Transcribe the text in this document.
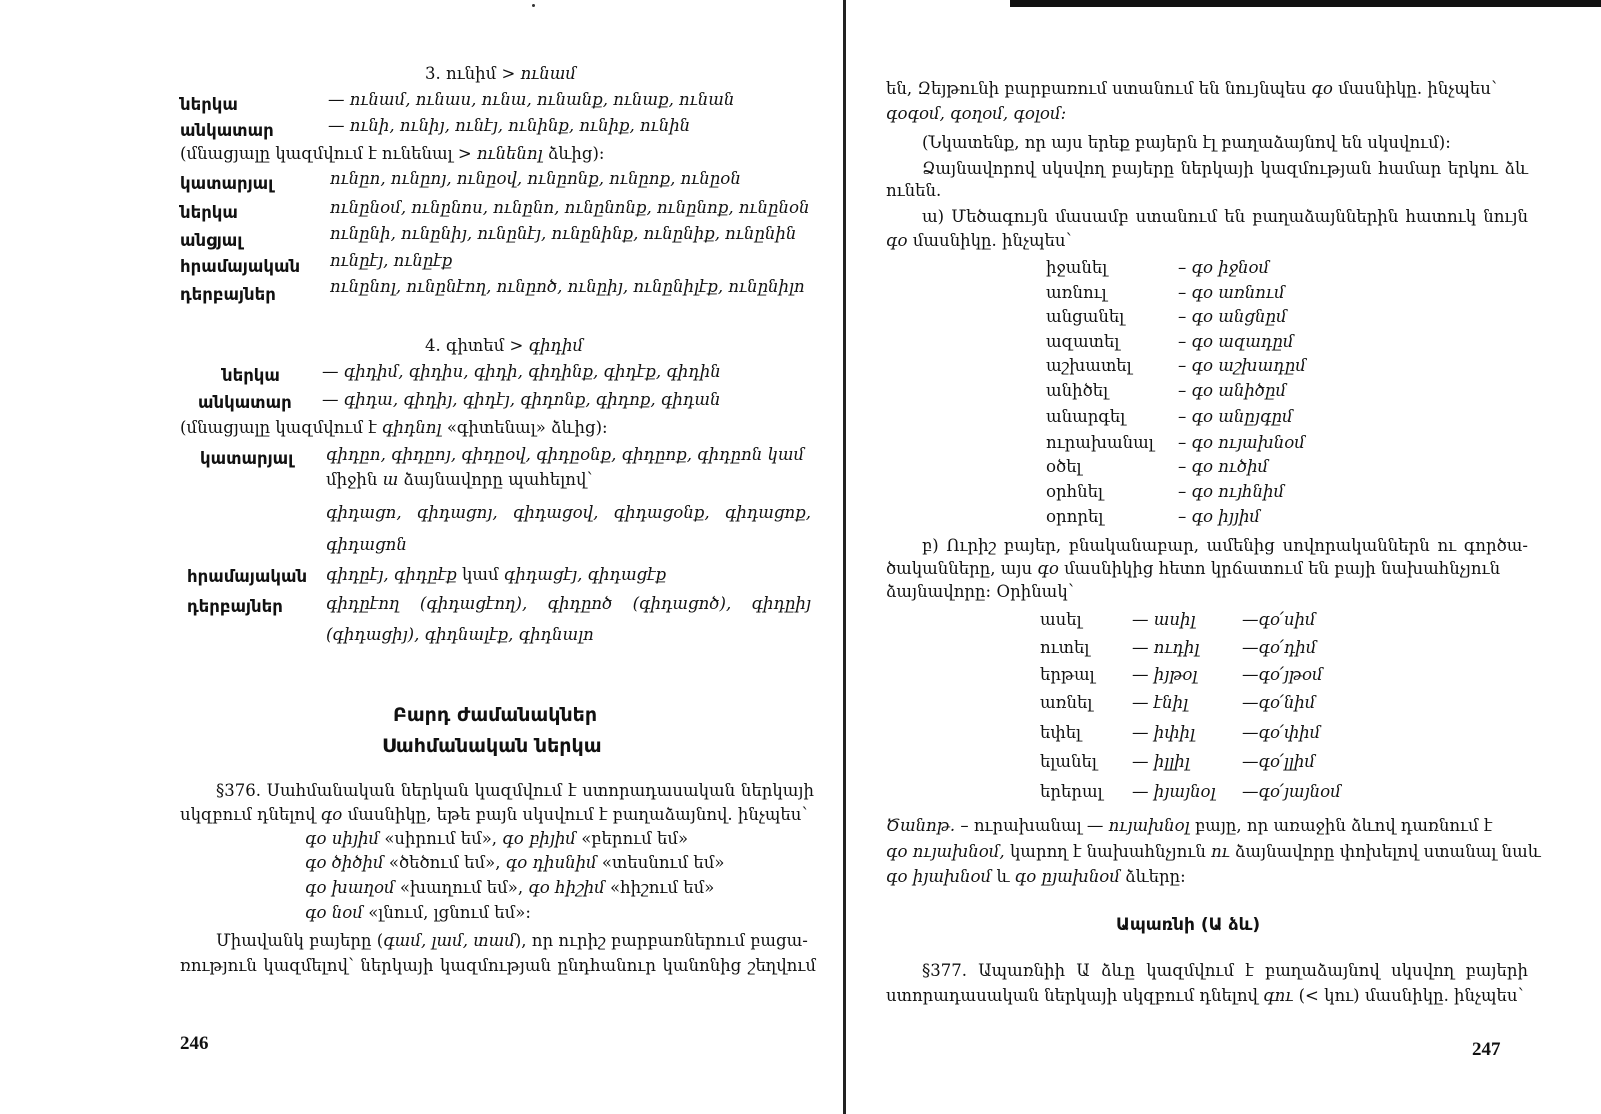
3. ունիմ > ունամ
ներկա	— ունամ, ունաս, ունա, ունանք, ունաք, ունան
անկատար	— ունի, ունիյ, ունէյ, ունինք, ունիք, ունին
(մնացյալը կազմվում է ունենալ > ունենոլ ձևից):
կատարյալ	ունըո, ունըոյ, ունըօվ, ունըոնք, ունըոք, ունըօն
ներկա	ունընօմ, ունընոս, ունընո, ունընոնք, ունընոք, ունընօն
անցյալ	ունընի, ունընիյ, ունընէյ, ունընինք, ունընիք, ունընին
հրամայական ունըէյ, ունըէք
դերբայներ	ունընոլ, ունընէող, ունըոծ, ունըիյ, ունընիլէք, ունընիլո
4. գիտեմ > գիդիմ
ներկա	— գիդիմ, գիդիս, գիդի, գիդինք, գիդէք, գիդին
անկատար — գիդա, գիդիյ, գիդէյ, գիդոնք, գիդոք, գիդան
(մնացյալը կազմվում է գիդնոլ «գիտենալ» ձևից):
կատարյալ գիդըո, գիդըոյ, գիդըօվ, գիդըօնք, գիդըոք, գիդըոն կամ
միջին ա ձայնավորը պահելով՝
գիդացո, գիդացոյ, գիդացօվ, գիդացօնք, գիդացոք,
գիդացոն
հրամայական գիդըէյ, գիդըէք կամ գիդացէյ, գիդացէք
դերբայներ	գիդըէող (գիդացէող), գիդըոծ (գիդացոծ), գիդըիյ
(գիդացիյ), գիդնալէք, գիդնալո
Բարդ ժամանակներ
Սահմանական ներկա
§376. Սահմանական ներկան կազմվում է ստորադասական ներկայի
սկզբում դնելով գօ մասնիկը, եթե բայն սկսվում է բաղաձայնով. ինչպես՝
գօ սիյիմ «սիրում եմ», գօ բիյիմ «բերում եմ»
գօ ծիծիմ «ծեծում եմ», գօ դիսնիմ «տեսնում եմ»
գօ խաղօմ «խաղում եմ», գօ հիշիմ «հիշում եմ»
գօ նօմ «լնում, լցնում եմ»:
Միավանկ բայերը (գամ, լամ, տամ), որ ուրիշ բարբառներում բացա-
ռություն կազմելով՝ ներկայի կազմության ընդհանուր կանոնից շեղվում
246
են, Զեյթունի բարբառում ստանում են նույնպես գօ մասնիկը. ինչպես՝
գօգօմ, գօղօմ, գօլօմ:
(Նկատենք, որ այս երեք բայերն էլ բաղաձայնով են սկսվում):
Ձայնավորով սկսվող բայերը ներկայի կազմության համար երկու ձև
ունեն.
ա) Մեծագույն մասամբ ստանում են բաղաձայններին հատուկ նույն
գօ մասնիկը. ինչպես՝
իջանել	– գօ իջնօմ
առնուլ	– գօ առնում
անցանել	– գօ անցնըմ
ազատել	– գօ ազադըմ
աշխատել	– գօ աշխադըմ
անիծել	– գօ անիծըմ
անարգել	– գօ անըյգըմ
ուրախանալ – գօ ույախնօմ
օծել	– գօ ուծիմ
օրհնել	– գօ ույհնիմ
օրորել	– գօ իյյիմ
բ) Ուրիշ բայեր, բնականաբար, ամենից սովորականներն ու գործա-
ծականները, այս գօ մասնիկից հետո կրճատում են բայի նախահնչյուն
ձայնավորը: Օրինակ՝
ասել	— ասիլ	—գօ՛սիմ
ուտել	— ուդիլ	—գօ՛դիմ
երթալ — իյթօլ	—գօ՛յթօմ
առնել — էնիլ	—գօ՛նիմ
եփել	— իփիլ	—գօ՛փիմ
ելանել — իլլիլ	—գօ՛լլիմ
երերալ — իյայնօլ —գօ՛յայնօմ
Ծանոթ. – ուրախանալ — ույախնօլ բայը, որ առաջին ձևով դառնում է
գօ ույախնօմ, կարող է նախահնչյուն ու ձայնավորը փոխելով ստանալ նաև
գօ իյախնօմ և գօ ըյախնօմ ձևերը:
Ապառնի (Ա ձև)
§377. Ապառնիի Ա ձևը կազմվում է բաղաձայնով սկսվող բայերի
ստորադասական ներկայի սկզբում դնելով գու (< կու) մասնիկը. ինչպես՝
247
